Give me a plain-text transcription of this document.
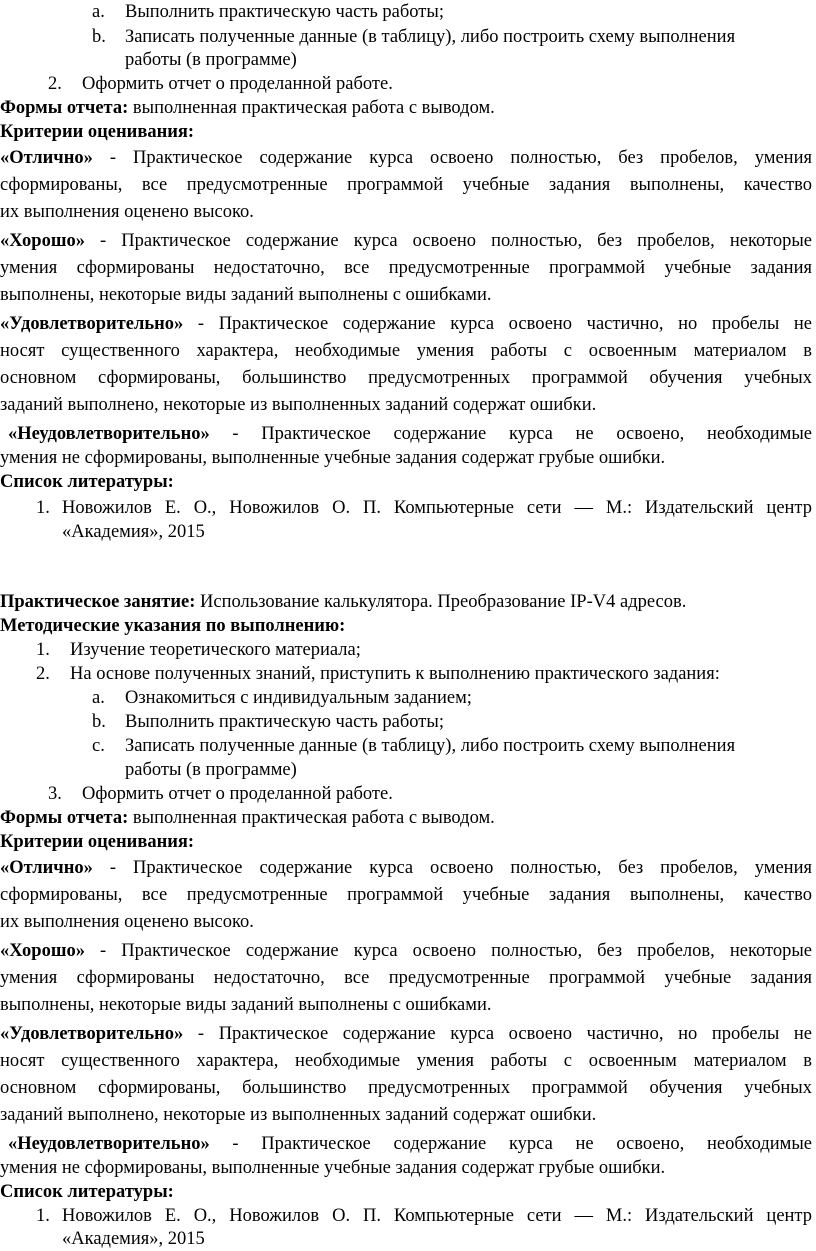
a. Выполнить практическую часть работы;
b. Записать полученные данные (в таблицу), либо построить схему выполнения
работы (в программе)
2. Оформить отчет о проделанной работе.
Формы отчета: выполненная практическая работа с выводом.
Критерии оценивания:
«Отлично» - Практическое содержание курса освоено полностью, без пробелов, умения
сформированы, все предусмотренные программой учебные задания выполнены, качество
их выполнения оценено высоко.
«Хорошо» - Практическое содержание курса освоено полностью, без пробелов, некоторые
умения сформированы недостаточно, все предусмотренные программой учебные задания
выполнены, некоторые виды заданий выполнены с ошибками.
«Удовлетворительно» - Практическое содержание курса освоено частично, но пробелы не
носят существенного характера, необходимые умения работы с освоенным материалом в
основном сформированы, большинство предусмотренных программой обучения учебных
заданий выполнено, некоторые из выполненных заданий содержат ошибки.
«Неудовлетворительно» - Практическое содержание курса не освоено, необходимые
умения не сформированы, выполненные учебные задания содержат грубые ошибки.
Список литературы:
1. Новожилов Е. О., Новожилов О. П. Компьютерные сети — М.: Издательский центр
«Академия», 2015
Практическое занятие: Использование калькулятора. Преобразование IP-V4 адресов.
Методические указания по выполнению:
1. Изучение теоретического материала;
2. На основе полученных знаний, приступить к выполнению практического задания:
a. Ознакомиться с индивидуальным заданием;
b. Выполнить практическую часть работы;
c. Записать полученные данные (в таблицу), либо построить схему выполнения
работы (в программе)
3. Оформить отчет о проделанной работе.
Формы отчета: выполненная практическая работа с выводом.
Критерии оценивания:
«Отлично» - Практическое содержание курса освоено полностью, без пробелов, умения
сформированы, все предусмотренные программой учебные задания выполнены, качество
их выполнения оценено высоко.
«Хорошо» - Практическое содержание курса освоено полностью, без пробелов, некоторые
умения сформированы недостаточно, все предусмотренные программой учебные задания
выполнены, некоторые виды заданий выполнены с ошибками.
«Удовлетворительно» - Практическое содержание курса освоено частично, но пробелы не
носят существенного характера, необходимые умения работы с освоенным материалом в
основном сформированы, большинство предусмотренных программой обучения учебных
заданий выполнено, некоторые из выполненных заданий содержат ошибки.
«Неудовлетворительно» - Практическое содержание курса не освоено, необходимые
умения не сформированы, выполненные учебные задания содержат грубые ошибки.
Список литературы:
1. Новожилов Е. О., Новожилов О. П. Компьютерные сети — М.: Издательский центр
«Академия», 2015
